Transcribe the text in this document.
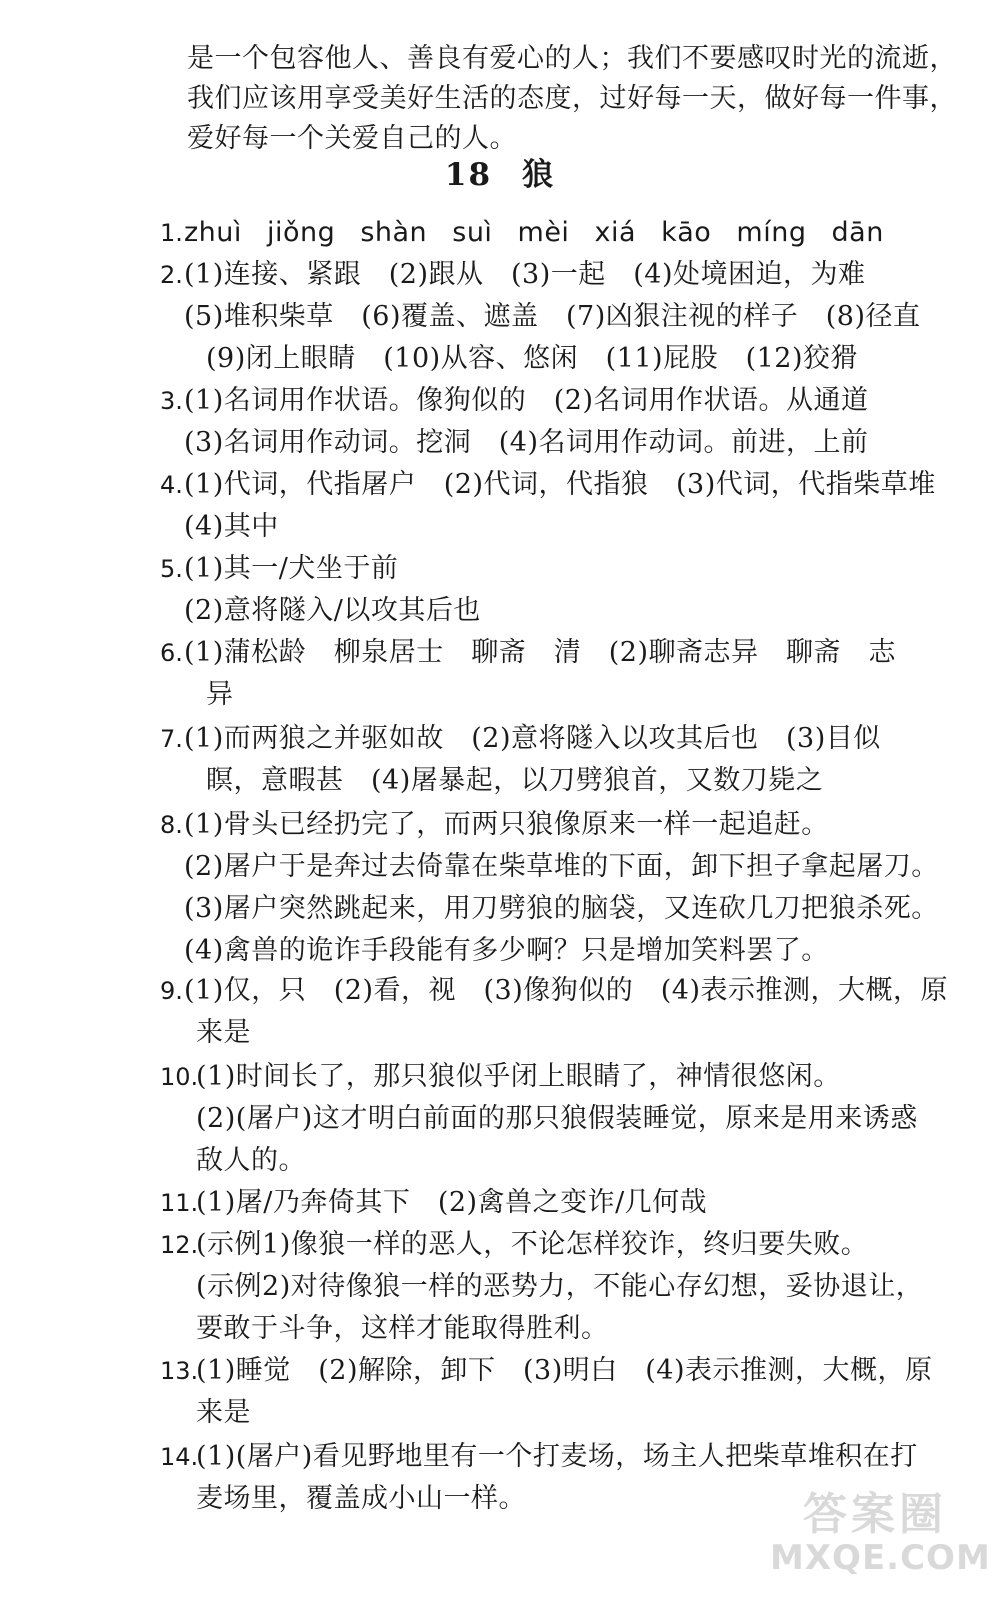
是一个包容他人、善良有爱心的人；我们不要感叹时光的流逝，
我们应该用享受美好生活的态度，过好每一天，做好每一件事，
爱好每一个关爱自己的人。
18 狼
1. zhuì jiǒng shàn suì mèi xiá kāo míng dān
2. (1)连接、紧跟　(2)跟从　(3)一起　(4)处境困迫，为难
(5)堆积柴草　(6)覆盖、遮盖　(7)凶狠注视的样子　(8)径直
(9)闭上眼睛　(10)从容、悠闲　(11)屁股　(12)狡猾
3. (1)名词用作状语。像狗似的　(2)名词用作状语。从通道
(3)名词用作动词。挖洞　(4)名词用作动词。前进，上前
4. (1)代词，代指屠户　(2)代词，代指狼　(3)代词，代指柴草堆
(4)其中
5. (1)其一/犬坐于前
(2)意将隧入/以攻其后也
6. (1)蒲松龄　柳泉居士　聊斋　清　(2)聊斋志异　聊斋　志
异
7. (1)而两狼之并驱如故　(2)意将隧入以攻其后也　(3)目似
瞑，意暇甚　(4)屠暴起，以刀劈狼首，又数刀毙之
8. (1)骨头已经扔完了，而两只狼像原来一样一起追赶。
(2)屠户于是奔过去倚靠在柴草堆的下面，卸下担子拿起屠刀。
(3)屠户突然跳起来，用刀劈狼的脑袋，又连砍几刀把狼杀死。
(4)禽兽的诡诈手段能有多少啊？只是增加笑料罢了。
9. (1)仅，只　(2)看，视　(3)像狗似的　(4)表示推测，大概，原
来是
10.
(1)时间长了，那只狼似乎闭上眼睛了，神情很悠闲。
(2)(屠户)这才明白前面的那只狼假装睡觉，原来是用来诱惑
敌人的。
11.
(1)屠/乃奔倚其下　(2)禽兽之变诈/几何哉
12.
(示例1)像狼一样的恶人，不论怎样狡诈，终归要失败。
(示例2)对待像狼一样的恶势力，不能心存幻想，妥协退让，
要敢于斗争，这样才能取得胜利。
13.
(1)睡觉　(2)解除，卸下　(3)明白　(4)表示推测，大概，原
来是
14.
(1)(屠户)看见野地里有一个打麦场，场主人把柴草堆积在打
麦场里，覆盖成小山一样。	答案圈
MXQE.COM
